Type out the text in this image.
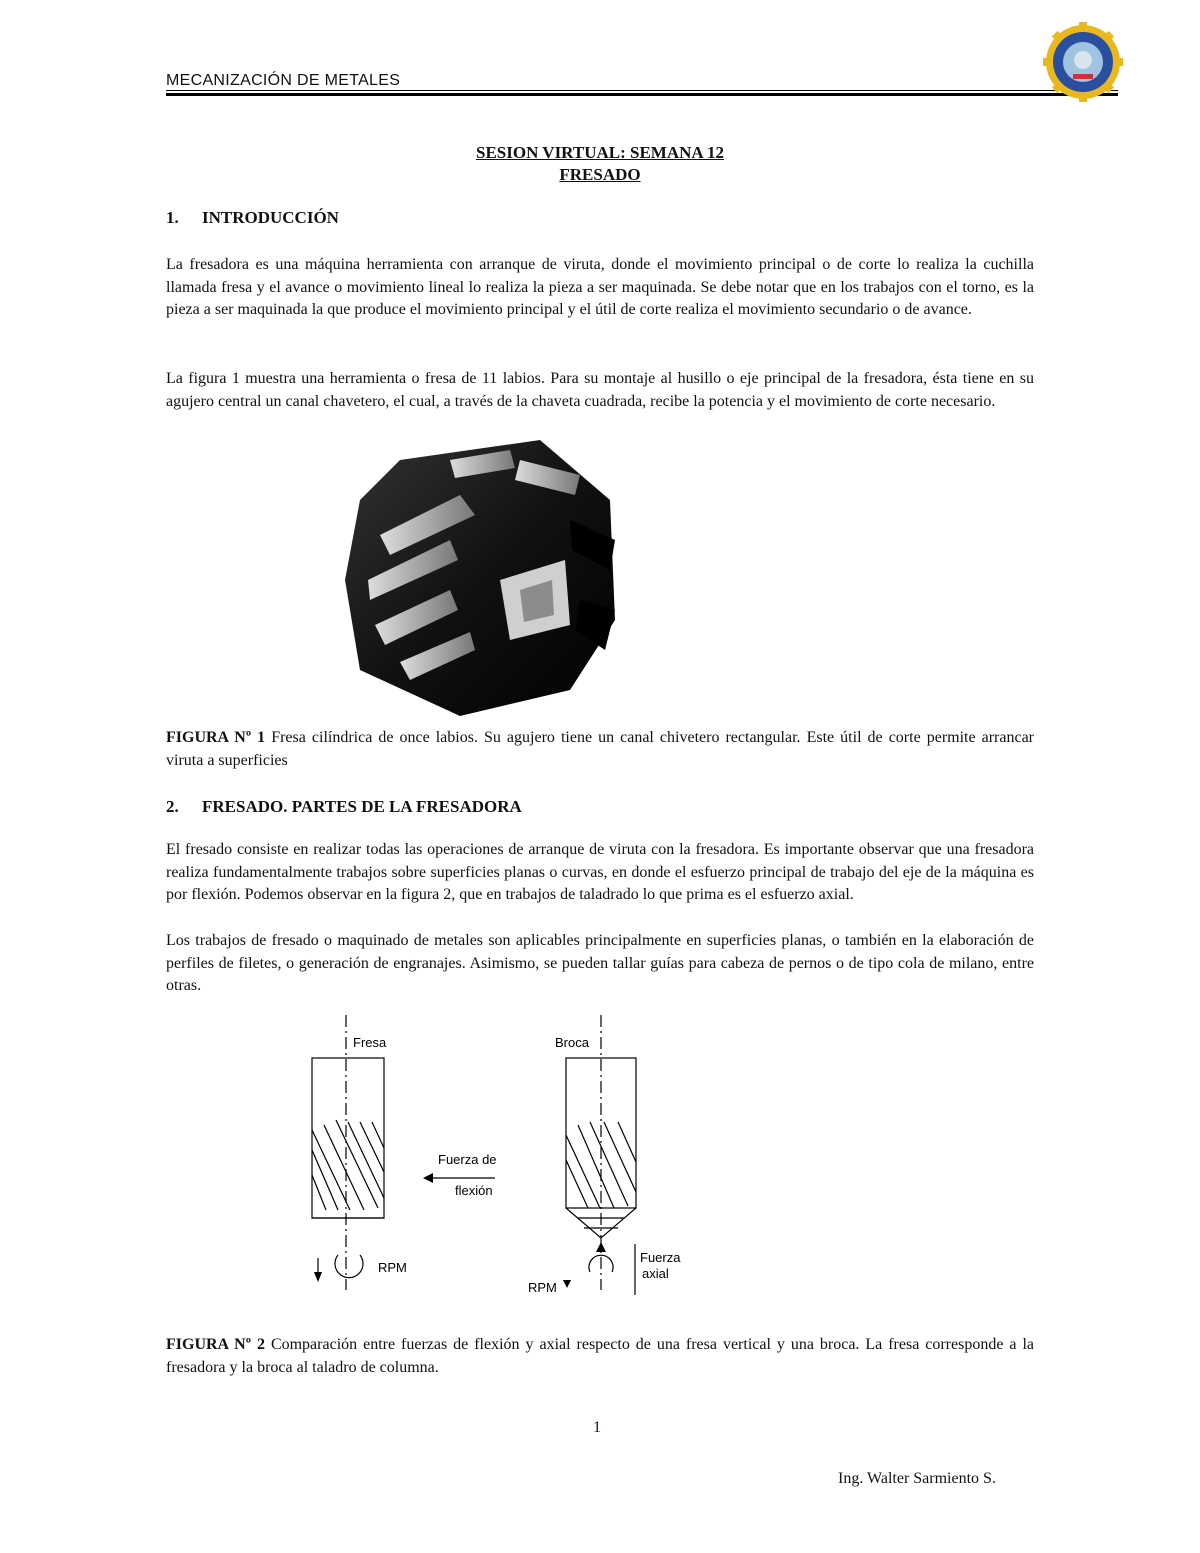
MECANIZACIÓN DE METALES
SESION VIRTUAL: SEMANA 12
FRESADO
1. INTRODUCCIÓN

La fresadora es una máquina herramienta con arranque de viruta, donde el movimiento principal o de corte lo realiza la cuchilla llamada fresa y el avance o movimiento lineal lo realiza la pieza a ser maquinada. Se debe notar que en los trabajos con el torno, es la pieza a ser maquinada la que produce el movimiento principal y el útil de corte realiza el movimiento secundario o de avance.

La figura 1 muestra una herramienta o fresa de 11 labios. Para su montaje al husillo o eje principal de la fresadora, ésta tiene en su agujero central un canal chavetero, el cual, a través de la chaveta cuadrada, recibe la potencia y el movimiento de corte necesario.

FIGURA Nº 1 Fresa cilíndrica de once labios. Su agujero tiene un canal chivetero rectangular. Este útil de corte permite arrancar viruta a superficies

2. FRESADO. PARTES DE LA FRESADORA

El fresado consiste en realizar todas las operaciones de arranque de viruta con la fresadora. Es importante observar que una fresadora realiza fundamentalmente trabajos sobre superficies planas o curvas, en donde el esfuerzo principal de trabajo del eje de la máquina es por flexión. Podemos observar en la figura 2, que en trabajos de taladrado lo que prima es el esfuerzo axial.

Los trabajos de fresado o maquinado de metales son aplicables principalmente en superficies planas, o también en la elaboración de perfiles de filetes, o generación de engranajes. Asimismo, se pueden tallar guías para cabeza de pernos o de tipo cola de milano, entre otras.

Fresa	Broca
Fuerza de
flexión
RPM
RPM
Fuerza
axial

FIGURA Nº 2 Comparación entre fuerzas de flexión y axial respecto de una fresa vertical y una broca. La fresa corresponde a la fresadora y la broca al taladro de columna.

1
Ing. Walter Sarmiento S.
